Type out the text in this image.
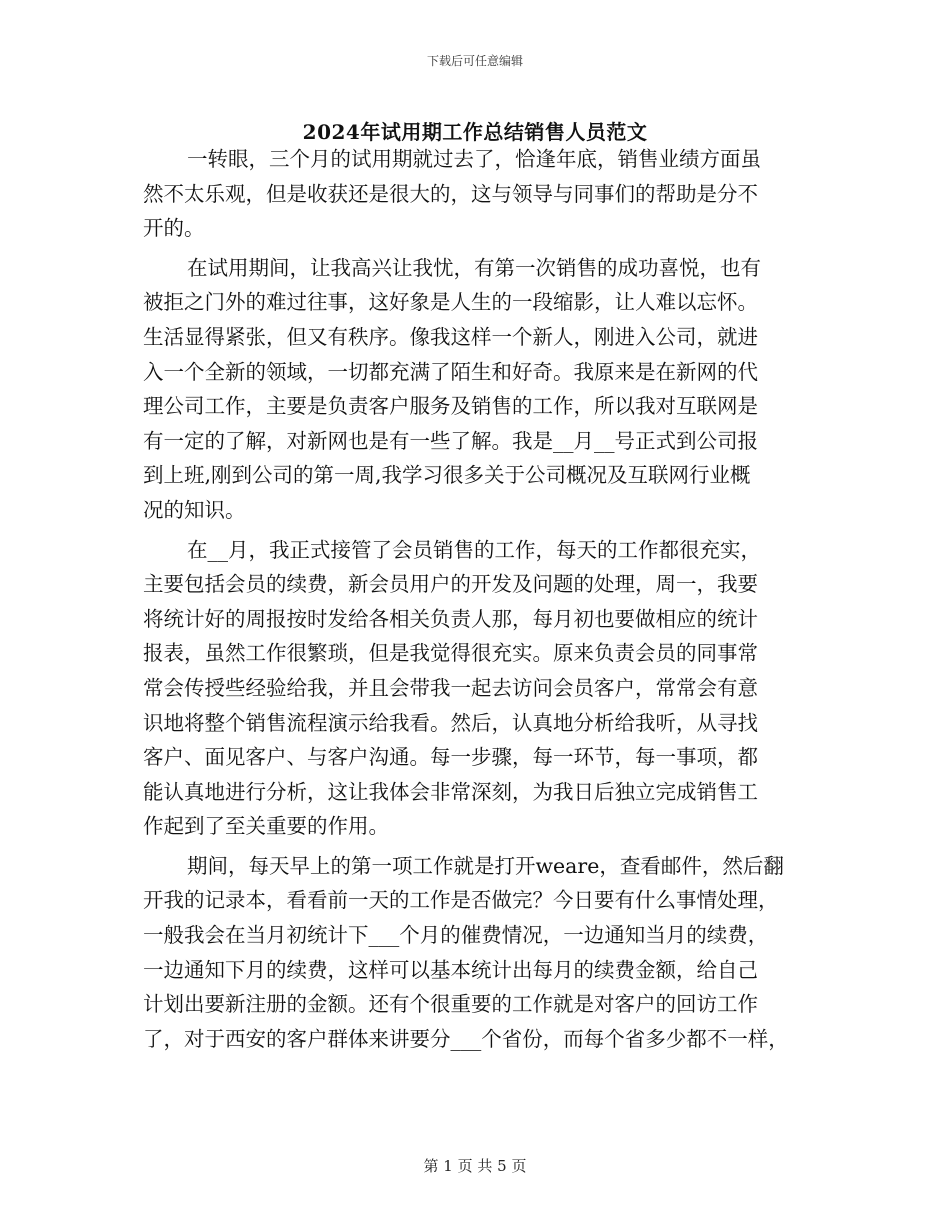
下载后可任意编辑
2024年试用期工作总结销售人员范文
一转眼，三个月的试用期就过去了，恰逢年底，销售业绩方面虽
然不太乐观，但是收获还是很大的，这与领导与同事们的帮助是分不
开的。
在试用期间，让我高兴让我忧，有第一次销售的成功喜悦，也有
被拒之门外的难过往事，这好象是人生的一段缩影，让人难以忘怀。
生活显得紧张，但又有秩序。像我这样一个新人，刚进入公司，就进
入一个全新的领域，一切都充满了陌生和好奇。我原来是在新网的代
理公司工作，主要是负责客户服务及销售的工作，所以我对互联网是
有一定的了解，对新网也是有一些了解。我是__月__号正式到公司报
到上班,刚到公司的第一周,我学习很多关于公司概况及互联网行业概
况的知识。
在__月，我正式接管了会员销售的工作，每天的工作都很充实，
主要包括会员的续费，新会员用户的开发及问题的处理，周一，我要
将统计好的周报按时发给各相关负责人那，每月初也要做相应的统计
报表，虽然工作很繁琐，但是我觉得很充实。原来负责会员的同事常
常会传授些经验给我，并且会带我一起去访问会员客户，常常会有意
识地将整个销售流程演示给我看。然后，认真地分析给我听，从寻找
客户、面见客户、与客户沟通。每一步骤，每一环节，每一事项，都
能认真地进行分析，这让我体会非常深刻，为我日后独立完成销售工
作起到了至关重要的作用。
期间，每天早上的第一项工作就是打开weare，查看邮件，然后翻
开我的记录本，看看前一天的工作是否做完？今日要有什么事情处理，
一般我会在当月初统计下___个月的催费情况，一边通知当月的续费，
一边通知下月的续费，这样可以基本统计出每月的续费金额，给自己
计划出要新注册的金额。还有个很重要的工作就是对客户的回访工作
了，对于西安的客户群体来讲要分___个省份，而每个省多少都不一样，
第 1 页 共 5 页
